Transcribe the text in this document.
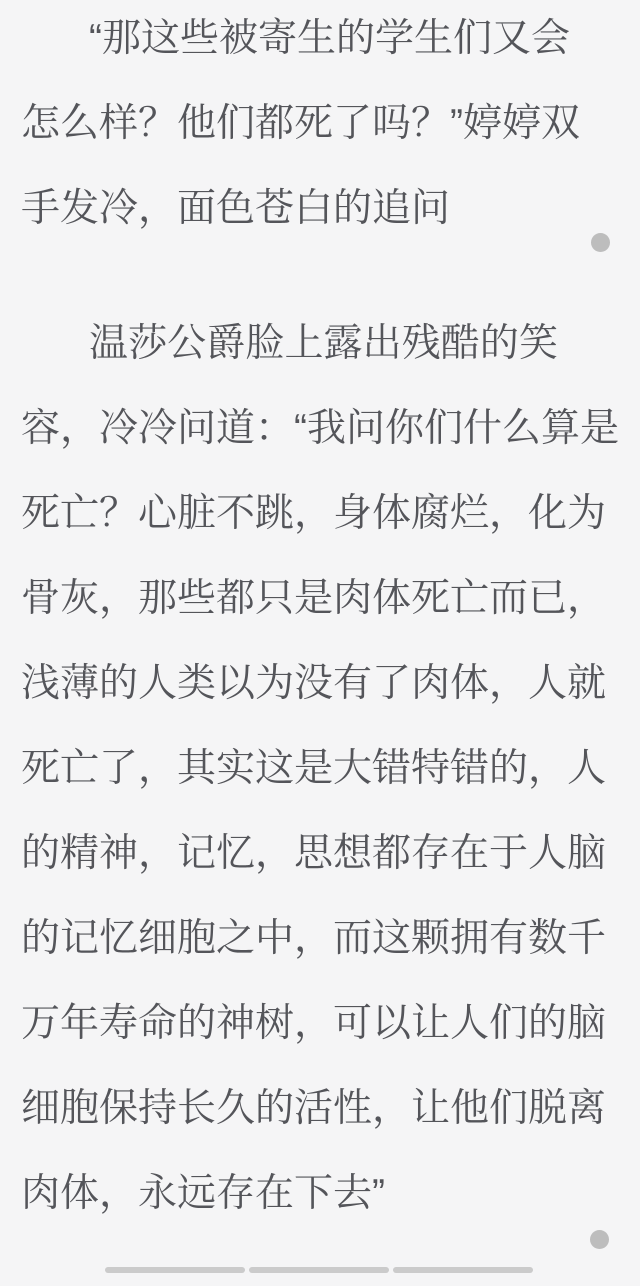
“那这些被寄生的学生们又会
怎么样？他们都死了吗？”婷婷双
手发冷，面色苍白的追问
温莎公爵脸上露出残酷的笑
容，冷冷问道：“我问你们什么算是
死亡？心脏不跳，身体腐烂，化为
骨灰，那些都只是肉体死亡而已，
浅薄的人类以为没有了肉体，人就
死亡了，其实这是大错特错的，人
的精神，记忆，思想都存在于人脑
的记忆细胞之中，而这颗拥有数千
万年寿命的神树，可以让人们的脑
细胞保持长久的活性，让他们脱离
肉体，永远存在下去”
